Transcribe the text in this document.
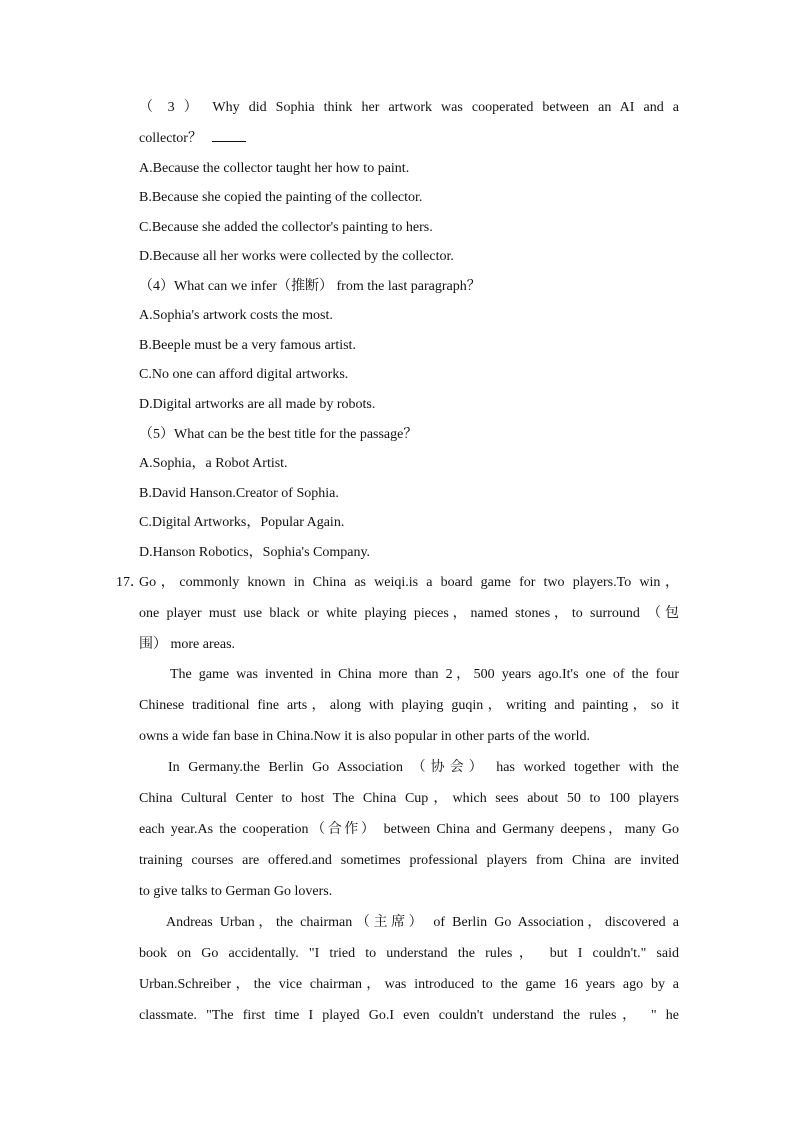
（ 3 ） Why did Sophia think her artwork was cooperated between an AI and a
collector？
A.Because the collector taught her how to paint.
B.Because she copied the painting of the collector.
C.Because she added the collector's painting to hers.
D.Because all her works were collected by the collector.
（4）What can we infer（推断） from the last paragraph？
A.Sophia's artwork costs the most.
B.Beeple must be a very famous artist.
C.No one can afford digital artworks.
D.Digital artworks are all made by robots.
（5）What can be the best title for the passage？
A.Sophia，a Robot Artist.
B.David Hanson.Creator of Sophia.
C.Digital Artworks，Popular Again.
D.Hanson Robotics，Sophia's Company.
17．
Go，commonly known in China as weiqi.is a board game for two players.To win，
one player must use black or white playing pieces，named stones，to surround （包
围） more areas.
The game was invented in China more than 2，500 years ago.It's one of the four
Chinese traditional fine arts，along with playing guqin，writing and painting，so it
owns a wide fan base in China.Now it is also popular in other parts of the world.
In Germany.the Berlin Go Association （协会） has worked together with the
China Cultural Center to host The China Cup，which sees about 50 to 100 players
each year.As the cooperation（合作） between China and Germany deepens，many Go
training courses are offered.and sometimes professional players from China are invited
to give talks to German Go lovers.
Andreas Urban，the chairman（主席） of Berlin Go Association，discovered a
book on Go accidentally. "I tried to understand the rules， but I couldn't." said
Urban.Schreiber，the vice chairman，was introduced to the game 16 years ago by a
classmate. "The first time I played Go.I even couldn't understand the rules， " he
